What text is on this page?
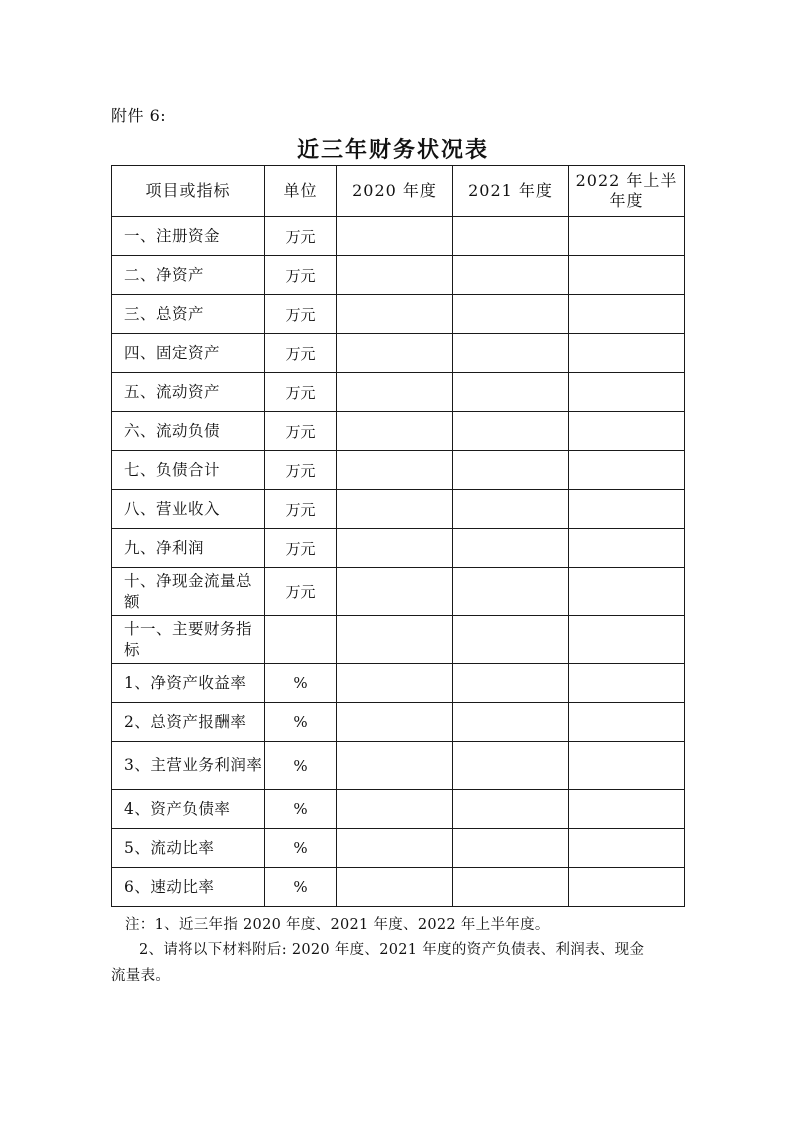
附件 6:
近三年财务状况表
项目或指标	单位	2020 年度	2021 年度	2022 年上半年度
一、注册资金	万元			
二、净资产	万元			
三、总资产	万元			
四、固定资产	万元			
五、流动资产	万元			
六、流动负债	万元			
七、负债合计	万元			
八、营业收入	万元			
九、净利润	万元			
十、净现金流量总额	万元			
十一、主要财务指标				
1、净资产收益率	%			
2、总资产报酬率	%			
3、主营业务利润率	%			
4、资产负债率	%			
5、流动比率	%			
6、速动比率	%			
注：1、近三年指 2020 年度、2021 年度、2022 年上半年度。
2、请将以下材料附后: 2020 年度、2021 年度的资产负债表、利润表、现金
流量表。
